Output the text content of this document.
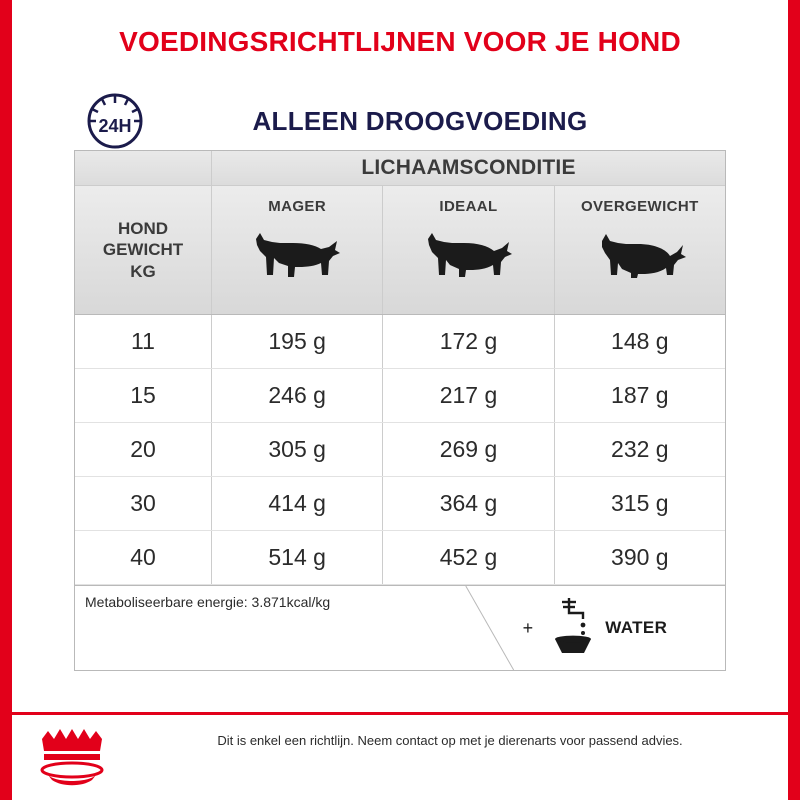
VOEDINGSRICHTLIJNEN VOOR JE HOND
24H	ALLEEN DROOGVOEDING
LICHAAMSCONDITIE
HOND
GEWICHT
KG
MAGER	IDEAAL	OVERGEWICHT
11	195 g	172 g	148 g
15	246 g	217 g	187 g
20	305 g	269 g	232 g
30	414 g	364 g	315 g
40	514 g	452 g	390 g
Metaboliseerbare energie: 3.871kcal/kg
+	WATER
Dit is enkel een richtlijn. Neem contact op met je dierenarts voor passend advies.
